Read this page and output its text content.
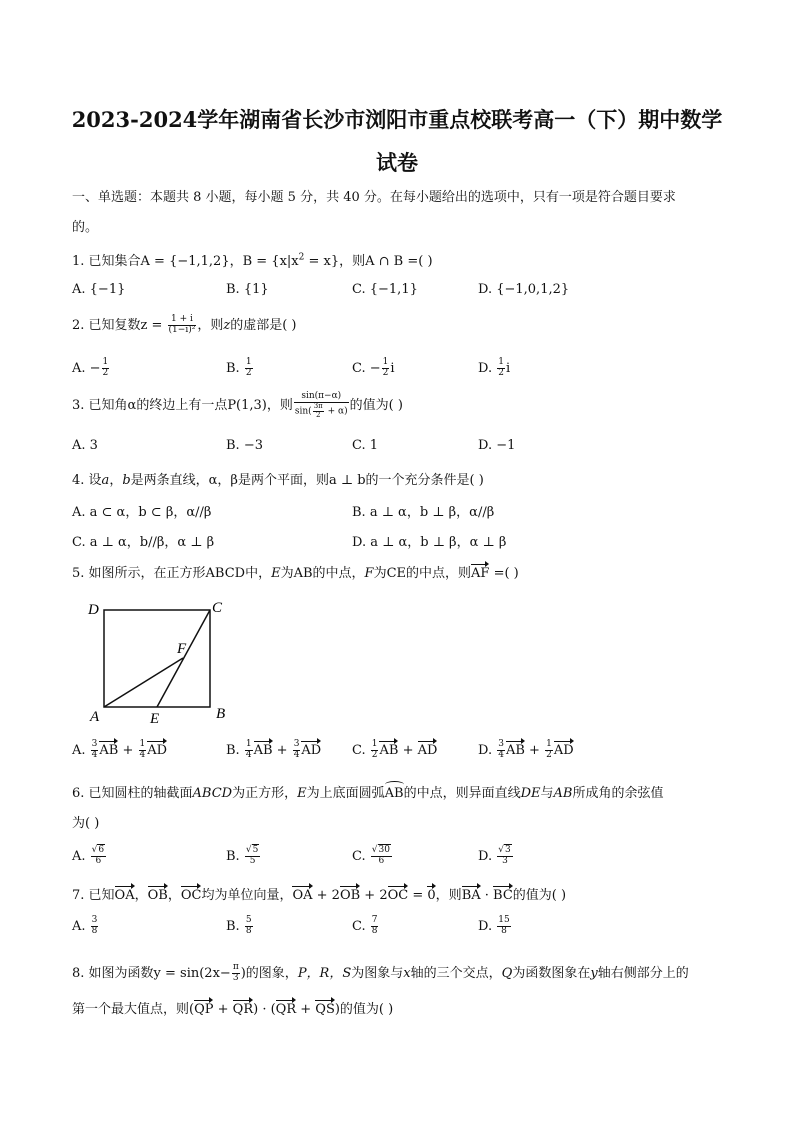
2023-2024学年湖南省长沙市浏阳市重点校联考高一（下）期中数学
试卷
一、单选题：本题共 8 小题，每小题 5 分，共 40 分。在每小题给出的选项中，只有一项是符合题目要求
的。
1. 已知集合A = {−1,1,2}，$B = \{x|x^2 = x\}$，则A ∩ B =( )
A. {−1}	B. {1}	C. {−1,1}	D. {−1,0,1,2}
2. 已知复数$z = \frac{1 + i}{\text{(1−i)²}}$ ，则z的虚部是( )
A. − $\frac{1}{2}$	B. $\frac{1}{2}$	C. − $\frac{1}{2}$ i	D. $\frac{1}{2}$ i
3. 已知角α的终边上有一点P(1,3)，则 $\frac{\sin(\pi-\alpha)}{\sin( \frac{3\pi}{2} + \alpha)}$ 的值为( )
A. 3	B. −3	C. 1	D. −1
4. 设a，b是两条直线，α，β是两个平面，则a ⊥ b的一个充分条件是( )
A. a ⊂ α，b ⊂ β，α//β	B. a ⊥ α，b ⊥ β，α//β
C. a ⊥ α，b//β，α ⊥ β	D. a ⊥ α，b ⊥ β，α ⊥ β
5. 如图所示，在正方形ABCD中，E为AB的中点，F为CE的中点，则AF =( )
D	C
F
A	E	B
A. $\frac{3}{4}$ AB + $\frac{1}{4}$ AD	B. $\frac{1}{4}$ AB + $\frac{3}{4}$ AD C. $\frac{1}{2}$ AB + AD	D. $\frac{3}{4}$ AB + $\frac{1}{2}$ AD
6. 已知圆柱的轴截面ABCD为正方形，E为上底面圆弧AB的中点，则异面直线DE与AB所成角的余弦值
为( )
A. $\frac{√6}{6}$	B. $\frac{√5}{5}$	C. $\frac{√30}{6}$	D. $\frac{√3}{3}$
7. 已知OA，OB，OC均为单位向量，OA + 2OB + 2OC = 0，则BA · BC的值为( )
A. $\frac{3}{8}$	B. $\frac{5}{8}$	C. $\frac{7}{8}$	D. $\frac{15}{8}$
8. 如图为函数$y = \sin(2x- \frac{\pi}{3}$ )的图象，P，R，S为图象与x轴的三个交点，Q为函数图象在y轴右侧部分上的
第一个最大值点，则(QP + QR) · (QR + QS)的值为( )
